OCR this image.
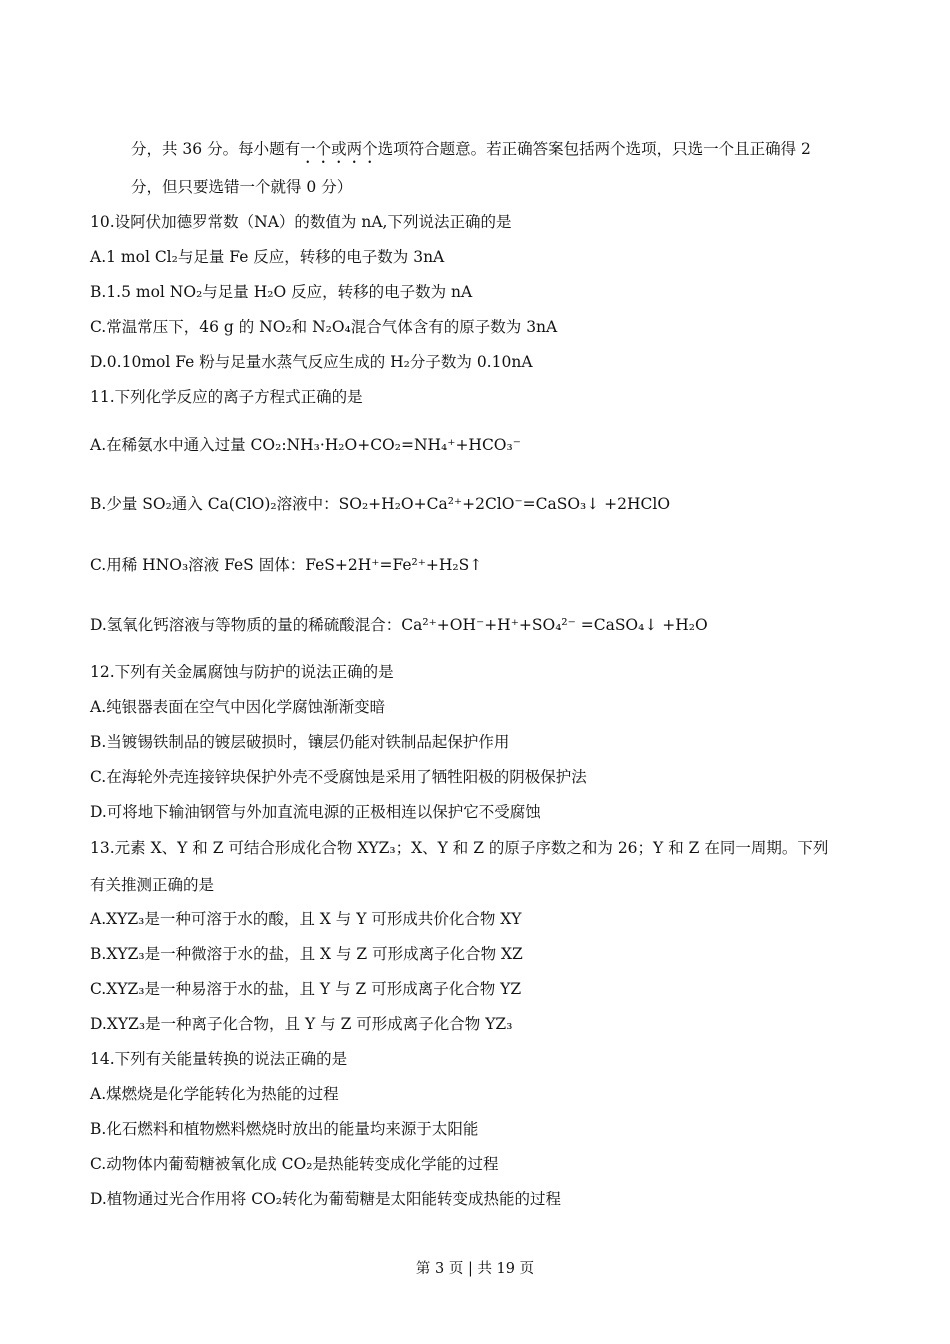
分，共 36 分。每小题有一个或两个选项符合题意。若正确答案包括两个选项，只选一个且正确得 2
分，但只要选错一个就得 0 分）
10.设阿伏加德罗常数（NA）的数值为 nA,下列说法正确的是
A.1 mol Cl₂与足量 Fe 反应，转移的电子数为 3nA
B.1.5 mol NO₂与足量 H₂O 反应，转移的电子数为 nA
C.常温常压下，46 g 的 NO₂和 N₂O₄混合气体含有的原子数为 3nA
D.0.10mol Fe 粉与足量水蒸气反应生成的 H₂分子数为 0.10nA
11.下列化学反应的离子方程式正确的是
A.在稀氨水中通入过量 CO₂:NH₃·H₂O+CO₂=NH₄⁺+HCO₃⁻
B.少量 SO₂通入 Ca(ClO)₂溶液中：SO₂+H₂O+Ca²⁺+2ClO⁻=CaSO₃↓ +2HClO
C.用稀 HNO₃溶液 FeS 固体：FeS+2H⁺=Fe²⁺+H₂S↑
D.氢氧化钙溶液与等物质的量的稀硫酸混合：Ca²⁺+OH⁻+H⁺+SO₄²⁻ =CaSO₄↓ +H₂O
12.下列有关金属腐蚀与防护的说法正确的是
A.纯银器表面在空气中因化学腐蚀渐渐变暗
B.当镀锡铁制品的镀层破损时，镶层仍能对铁制品起保护作用
C.在海轮外壳连接锌块保护外壳不受腐蚀是采用了牺牲阳极的阴极保护法
D.可将地下输油钢管与外加直流电源的正极相连以保护它不受腐蚀
13.元素 X、Y 和 Z 可结合形成化合物 XYZ₃；X、Y 和 Z 的原子序数之和为 26；Y 和 Z 在同一周期。下列
有关推测正确的是
A.XYZ₃是一种可溶于水的酸，且 X 与 Y 可形成共价化合物 XY
B.XYZ₃是一种微溶于水的盐，且 X 与 Z 可形成离子化合物 XZ
C.XYZ₃是一种易溶于水的盐，且 Y 与 Z 可形成离子化合物 YZ
D.XYZ₃是一种离子化合物，且 Y 与 Z 可形成离子化合物 YZ₃
14.下列有关能量转换的说法正确的是
A.煤燃烧是化学能转化为热能的过程
B.化石燃料和植物燃料燃烧时放出的能量均来源于太阳能
C.动物体内葡萄糖被氧化成 CO₂是热能转变成化学能的过程
D.植物通过光合作用将 CO₂转化为葡萄糖是太阳能转变成热能的过程
第 3 页 | 共 19 页
